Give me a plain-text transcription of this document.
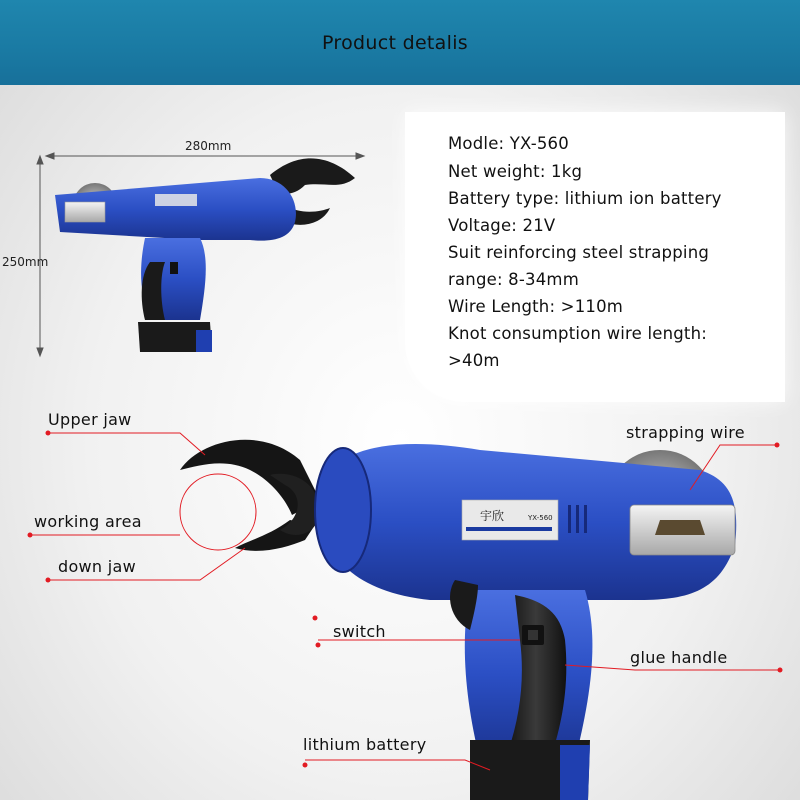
Product detalis
280mm
250mm
Modle: YX-560
Net weight: 1kg
Battery type: lithium ion battery
Voltage: 21V
Suit reinforcing steel strapping
range: 8-34mm
Wire Length: >110m
Knot consumption wire length:
>40m
宇欣	YX-560
Upper jaw
working area
down jaw
strapping wire
switch
glue handle
lithium battery
